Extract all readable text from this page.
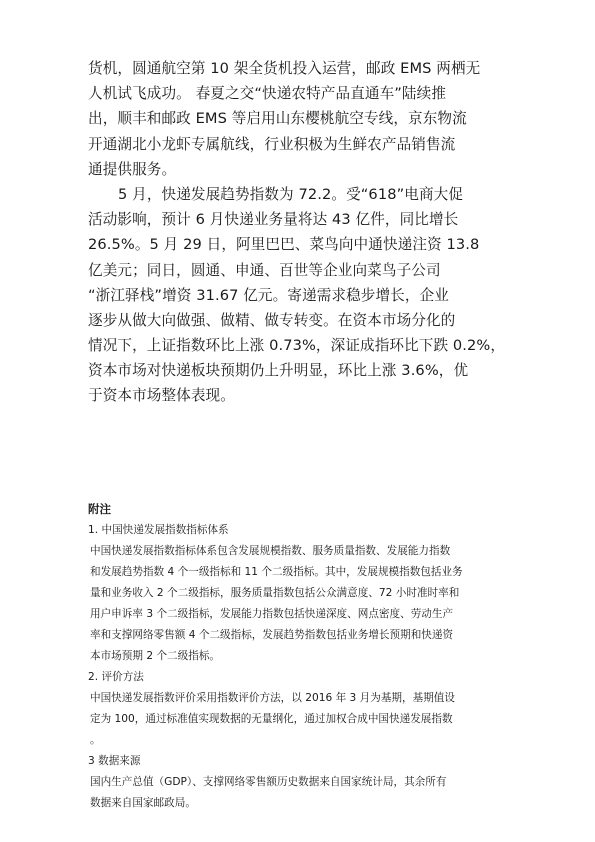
货机，圆通航空第 10 架全货机投入运营，邮政 EMS 两栖无
人机试飞成功。 春夏之交“快递农特产品直通车”陆续推
出，顺丰和邮政 EMS 等启用山东樱桃航空专线，京东物流
开通湖北小龙虾专属航线，行业积极为生鲜农产品销售流
通提供服务。
5 月，快递发展趋势指数为 72.2。受“618”电商大促
活动影响，预计 6 月快递业务量将达 43 亿件，同比增长
26.5%。5 月 29 日，阿里巴巴、菜鸟向中通快递注资 13.8
亿美元；同日，圆通、申通、百世等企业向菜鸟子公司
“浙江驿栈”增资 31.67 亿元。寄递需求稳步增长，企业
逐步从做大向做强、做精、做专转变。在资本市场分化的
情况下，上证指数环比上涨 0.73%，深证成指环比下跌 0.2%，
资本市场对快递板块预期仍上升明显，环比上涨 3.6%，优
于资本市场整体表现。
附注
1. 中国快递发展指数指标体系
中国快递发展指数指标体系包含发展规模指数、服务质量指数、发展能力指数
和发展趋势指数 4 个一级指标和 11 个二级指标。其中，发展规模指数包括业务
量和业务收入 2 个二级指标，服务质量指数包括公众满意度、72 小时准时率和
用户申诉率 3 个二级指标，发展能力指数包括快递深度、网点密度、劳动生产
率和支撑网络零售额 4 个二级指标，发展趋势指数包括业务增长预期和快递资
本市场预期 2 个二级指标。
2. 评价方法
中国快递发展指数评价采用指数评价方法，以 2016 年 3 月为基期，基期值设
定为 100，通过标准值实现数据的无量纲化，通过加权合成中国快递发展指数
。
3 数据来源
国内生产总值（GDP）、支撑网络零售额历史数据来自国家统计局，其余所有
数据来自国家邮政局。
